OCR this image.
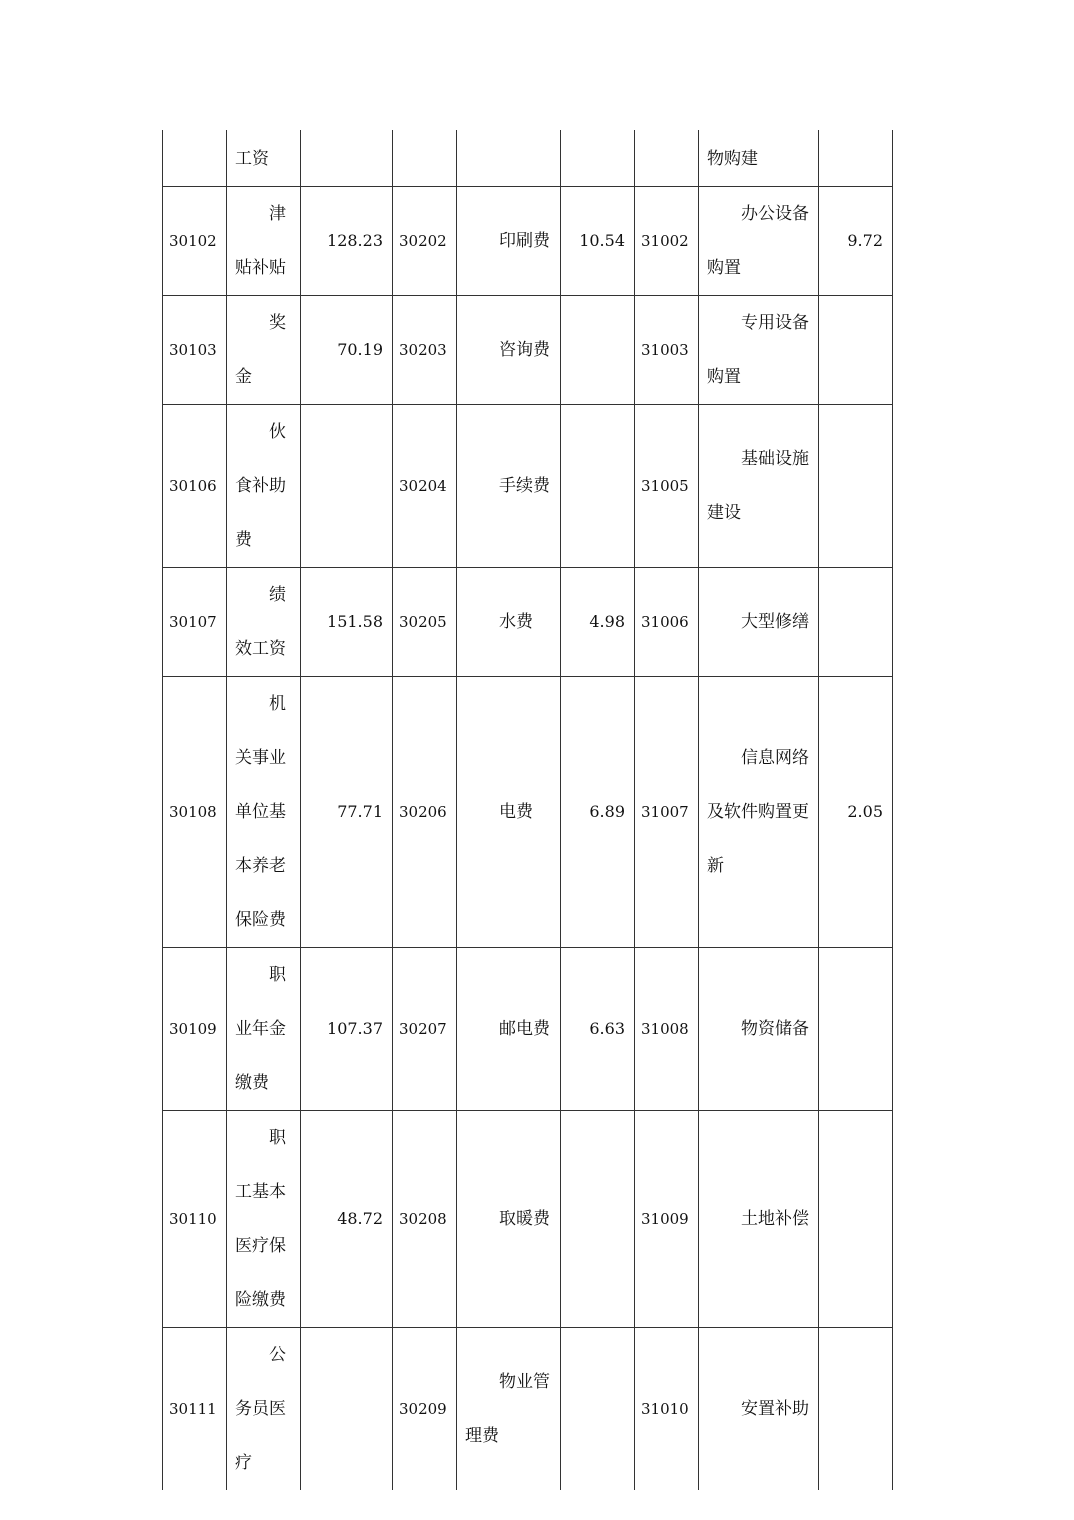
	工资						物购建	

30102	津贴补贴	128.23	30202	印刷费	10.54	31002	办公设备购置	9.72
30103	奖金	70.19	30203	咨询费		31003	专用设备购置	

30106	伙食补助费		30204	手续费		31005	基础设施建设	

30107	绩效工资	151.58	30205	水费	4.98	31006	大型修缮	

30108	机关事业单位基本养老保险费	77.71	30206	电费	6.89	31007	信息网络及软件购置更新	2.05
30109	职业年金缴费	107.37	30207	邮电费	6.63	31008	物资储备	

30110	职工基本医疗保险缴费	48.72	30208	取暖费		31009	土地补偿	

30111	公务员医疗		30209	物业管理费		31010	安置补助	
